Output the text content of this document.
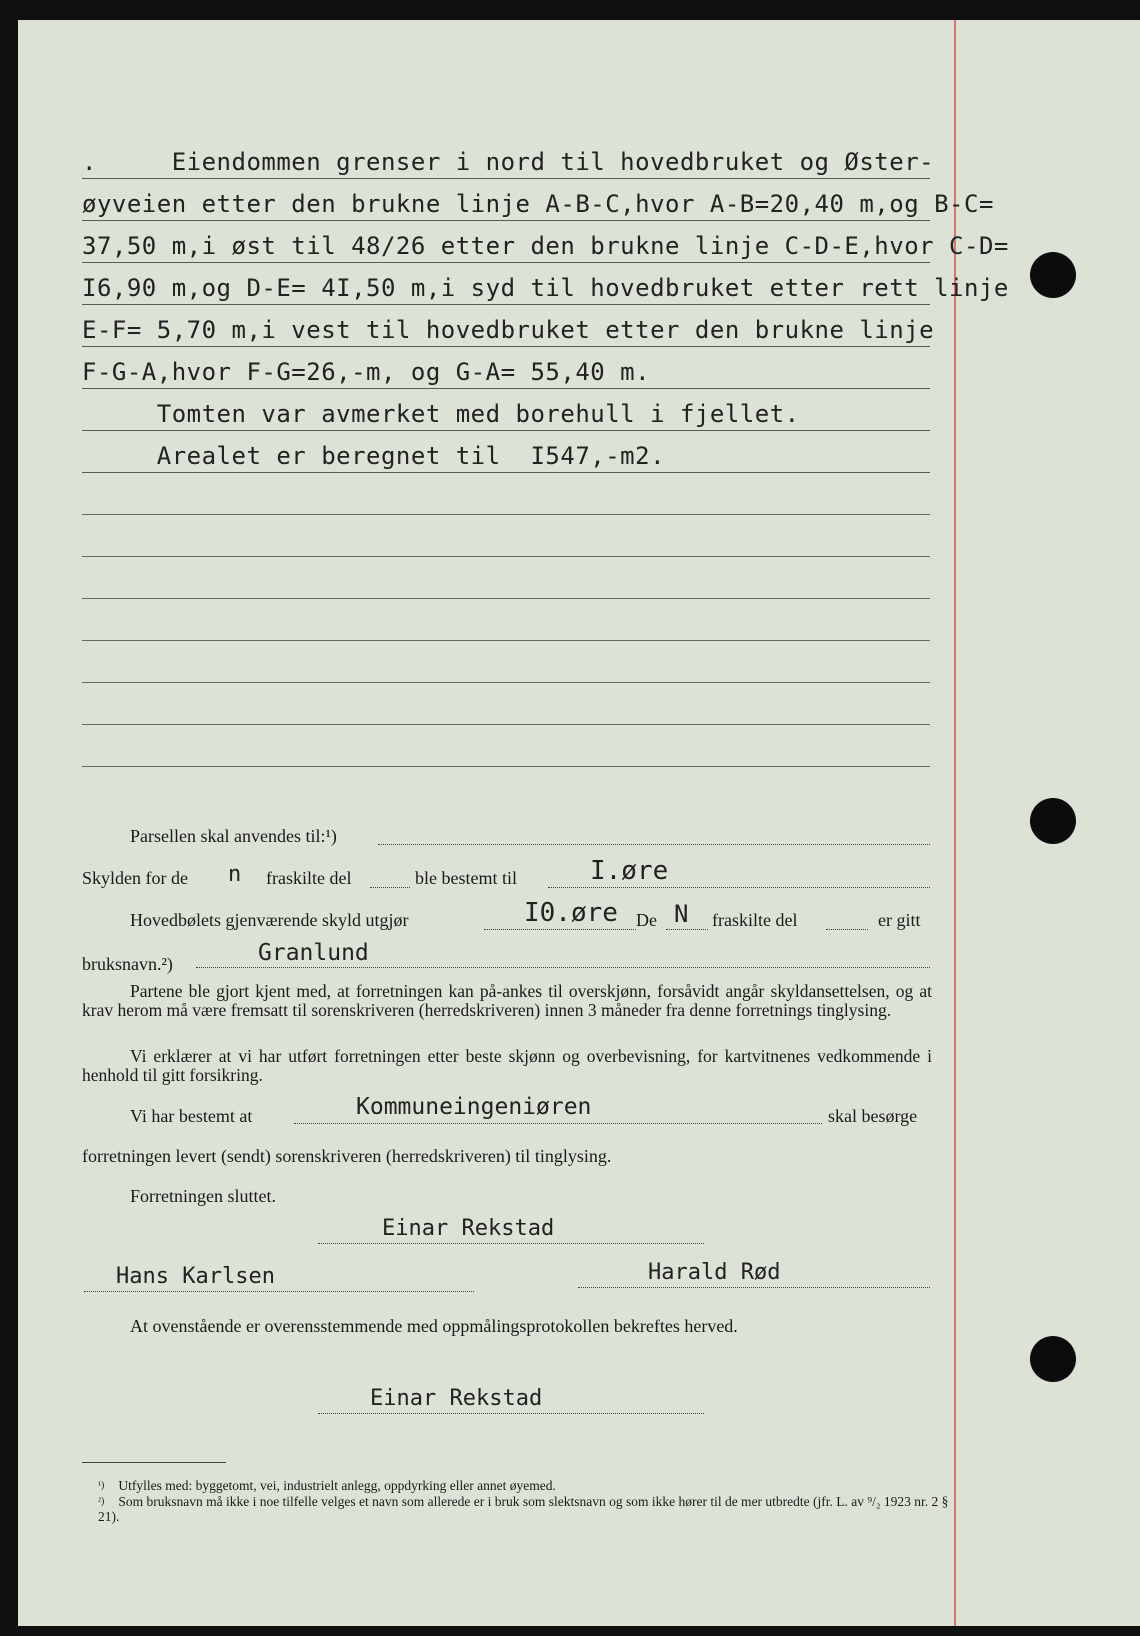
.     Eiendommen grenser i nord til hovedbruket og Øster-
øyveien etter den brukne linje A-B-C,hvor A-B=20,40 m,og B-C=
37,50 m,i øst til 48/26 etter den brukne linje C-D-E,hvor C-D=
I6,90 m,og D-E= 4I,50 m,i syd til hovedbruket etter rett linje
E-F= 5,70 m,i vest til hovedbruket etter den brukne linje
F-G-A,hvor F-G=26,-m, og G-A= 55,40 m.
Tomten var avmerket med borehull i fjellet.
Arealet er beregnet til  I547,-m2.
Parsellen skal anvendes til:¹)
Skylden for de n fraskilte del	ble bestemt til	I.øre
Hovedbølets gjenværende skyld utgjør	I0.øre De N fraskilte del	er gitt
bruksnavn.²)	Granlund
Partene ble gjort kjent med, at forretningen kan på-ankes til overskjønn, forsåvidt angår skyldansettelsen, og at krav herom må være fremsatt til sorenskriveren (herredskriveren) innen 3 måneder fra denne forretnings tinglysing.
Vi erklærer at vi har utført forretningen etter beste skjønn og overbevisning, for kartvitnenes vedkommende i henhold til gitt forsikring.
Vi har bestemt at	Kommuneingeniøren	skal besørge
forretningen levert (sendt) sorenskriveren (herredskriveren) til tinglysing.
Forretningen sluttet.
Einar Rekstad
Hans Karlsen	Harald Rød
At ovenstående er overensstemmende med oppmålingsprotokollen bekreftes herved.
Einar Rekstad
$^{^1)}$ Utfylles med: byggetomt, vei, industrielt anlegg, oppdyrking eller annet øyemed.
$^{^2)}$ Som bruksnavn må ikke i noe tilfelle velges et navn som allerede er i bruk som slektsnavn og som ikke hører til de mer utbredte (jfr. L. av ⁹/₂ 1923 nr. 2 § 21).
